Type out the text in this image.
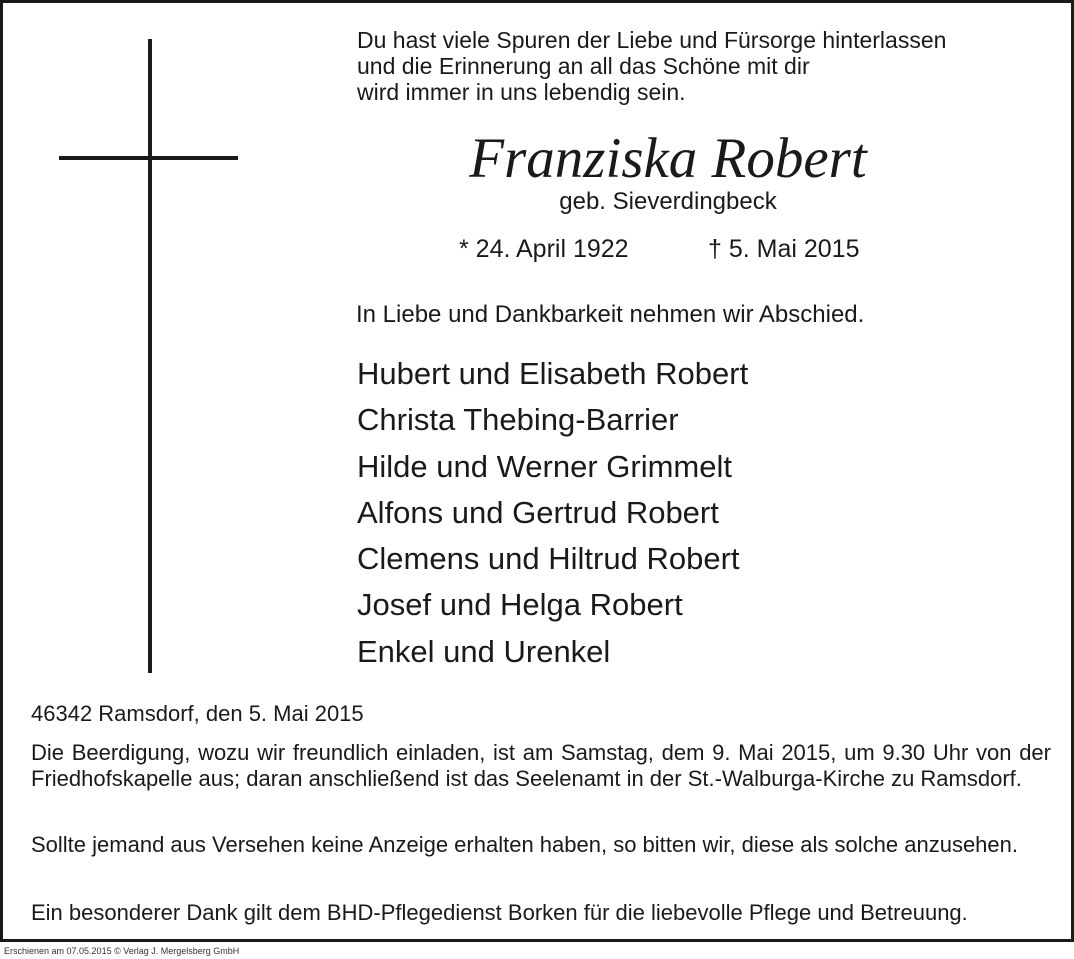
Du hast viele Spuren der Liebe und Fürsorge hinterlassen
und die Erinnerung an all das Schöne mit dir
wird immer in uns lebendig sein.
Franziska Robert
geb. Sieverdingbeck
* 24. April 1922	† 5. Mai 2015
In Liebe und Dankbarkeit nehmen wir Abschied.
Hubert und Elisabeth Robert
Christa Thebing-Barrier
Hilde und Werner Grimmelt
Alfons und Gertrud Robert
Clemens und Hiltrud Robert
Josef und Helga Robert
Enkel und Urenkel
46342 Ramsdorf, den 5. Mai 2015
Die Beerdigung, wozu wir freundlich einladen, ist am Samstag, dem 9. Mai 2015, um 9.30 Uhr von der Friedhofskapelle aus; daran anschließend ist das Seelenamt in der St.-Walburga-Kirche zu Ramsdorf.
Sollte jemand aus Versehen keine Anzeige erhalten haben, so bitten wir, diese als solche anzusehen.
Ein besonderer Dank gilt dem BHD-Pflegedienst Borken für die liebevolle Pflege und Betreuung.
Erschienen am 07.05.2015 © Verlag J. Mergelsberg GmbH
